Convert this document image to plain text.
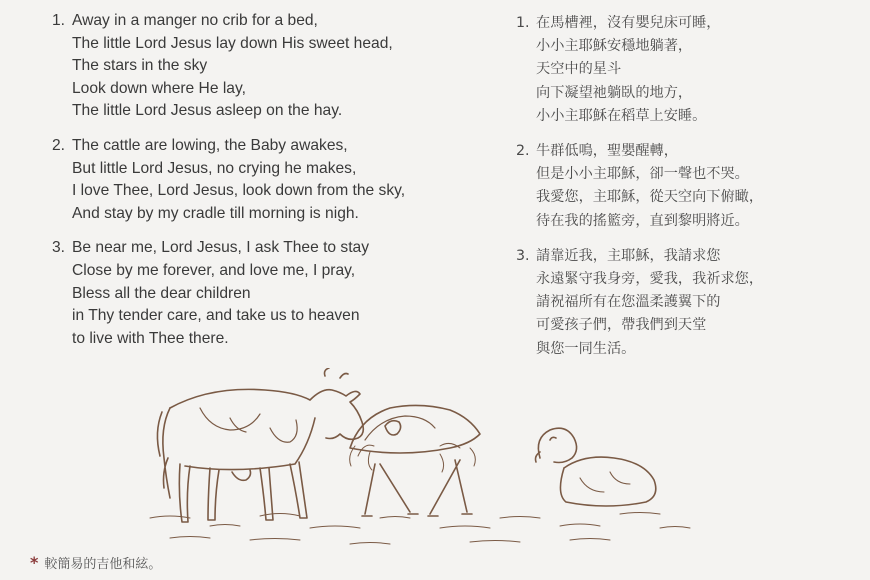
1. Away in a manger no crib for a bed,
The little Lord Jesus lay down His sweet head,
The stars in the sky
Look down where He lay,
The little Lord Jesus asleep on the hay.
2. The cattle are lowing, the Baby awakes,
But little Lord Jesus, no crying he makes,
I love Thee, Lord Jesus, look down from the sky,
And stay by my cradle till morning is nigh.
3. Be near me, Lord Jesus, I ask Thee to stay
Close by me forever, and love me, I pray,
Bless all the dear children
in Thy tender care, and take us to heaven
to live with Thee there.
1. 在馬槽裡，沒有嬰兒床可睡，
小小主耶穌安穩地躺著，
天空中的星斗
向下凝望祂躺臥的地方，
小小主耶穌在稻草上安睡。
2. 牛群低鳴，聖嬰醒轉，
但是小小主耶穌，卻一聲也不哭。
我愛您，主耶穌，從天空向下俯瞰，
待在我的搖籃旁，直到黎明將近。
3. 請靠近我，主耶穌，我請求您
永遠緊守我身旁，愛我，我祈求您，
請祝福所有在您溫柔護翼下的
可愛孩子們，帶我們到天堂
與您一同生活。
* 較簡易的吉他和絃。
